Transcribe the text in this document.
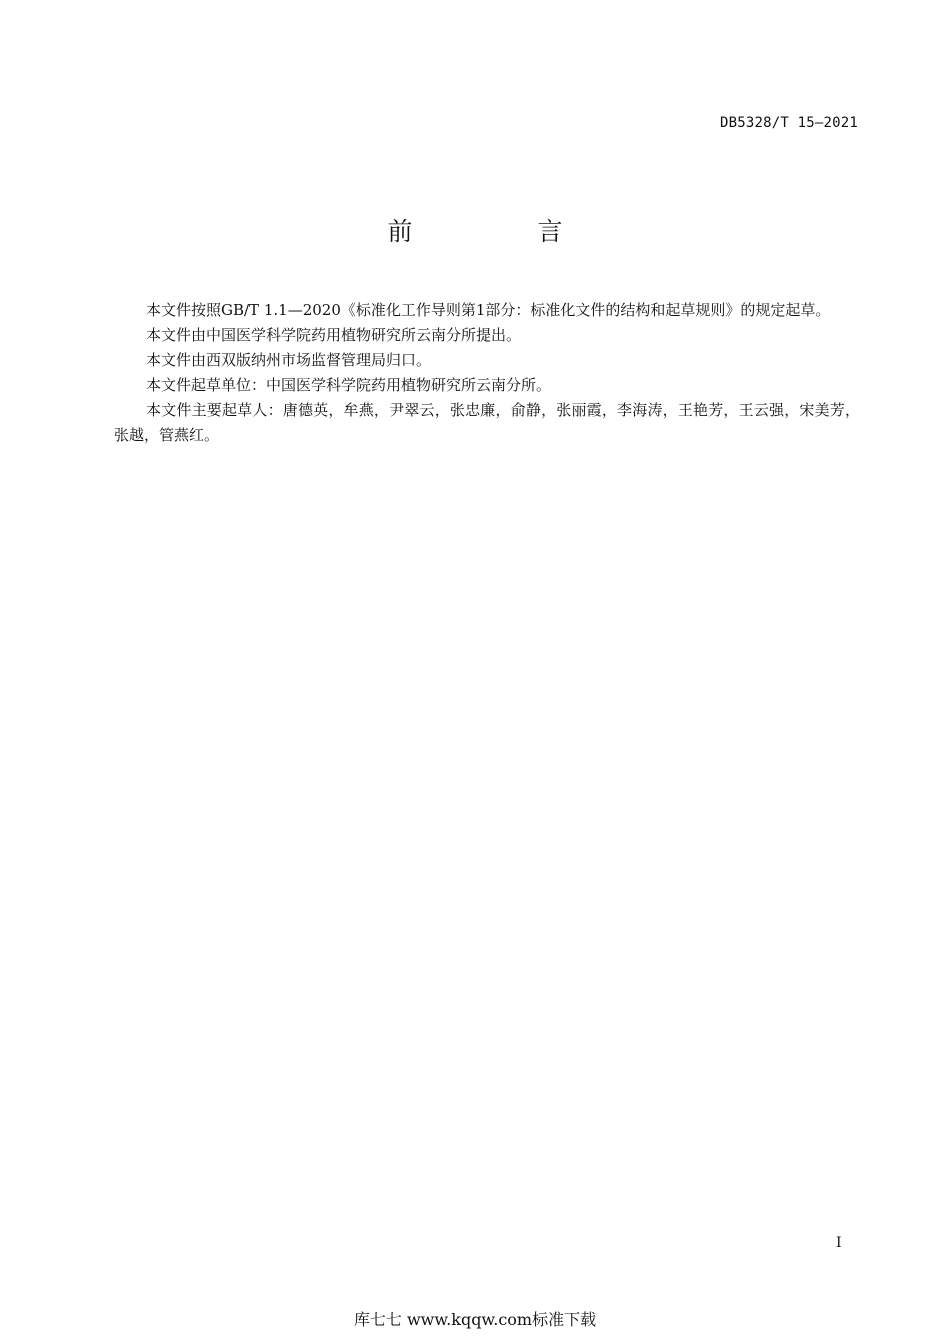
DB5328/T 15—2021
前　言

本文件按照GB/T 1.1—2020《标准化工作导则第1部分：标准化文件的结构和起草规则》的规定起草。

本文件由中国医学科学院药用植物研究所云南分所提出。

本文件由西双版纳州市场监督管理局归口。

本文件起草单位：中国医学科学院药用植物研究所云南分所。

本文件主要起草人：唐德英，牟燕，尹翠云，张忠廉，俞静，张丽霞，李海涛，王艳芳，王云强，宋美芳，张越，管燕红。

I
库七七 www.kqqw.com标准下载
